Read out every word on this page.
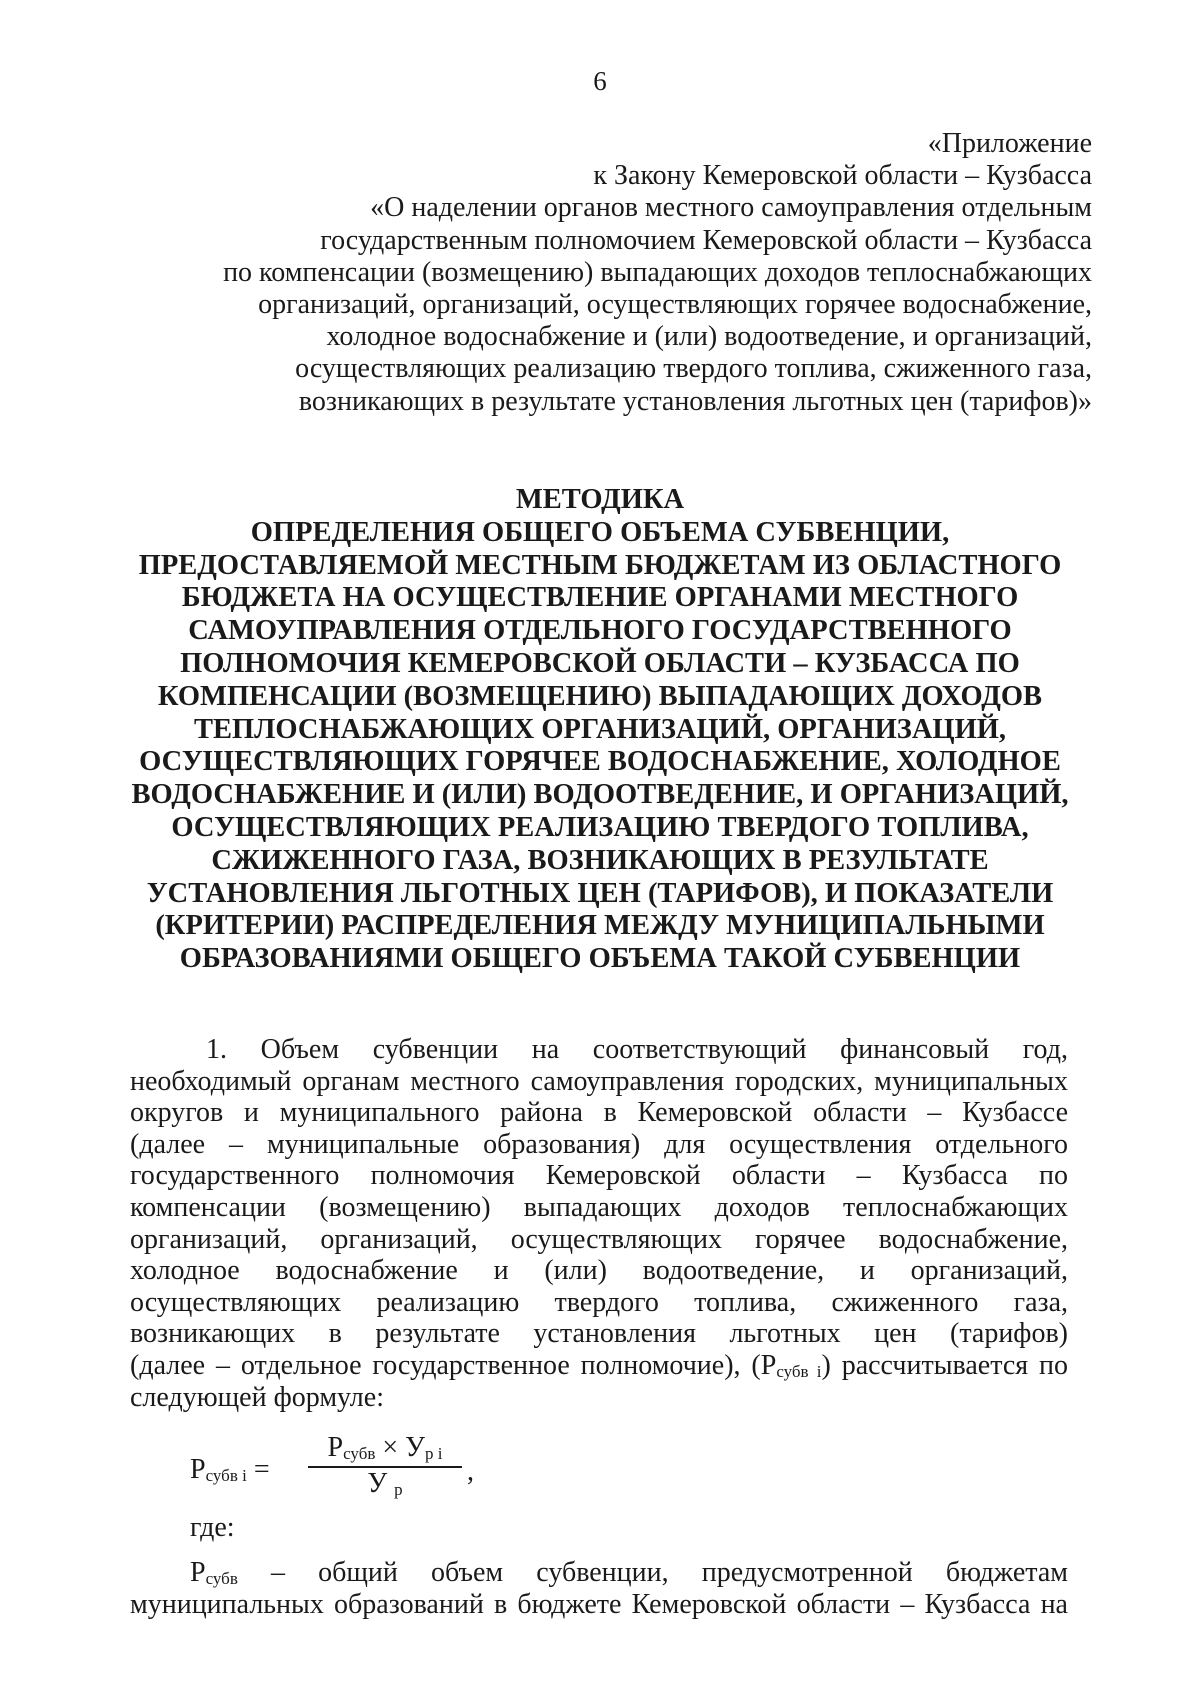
6
«Приложение
к Закону Кемеровской области – Кузбасса
«О наделении органов местного самоуправления отдельным
государственным полномочием Кемеровской области – Кузбасса
по компенсации (возмещению) выпадающих доходов теплоснабжающих
организаций, организаций, осуществляющих горячее водоснабжение,
холодное водоснабжение и (или) водоотведение, и организаций,
осуществляющих реализацию твердого топлива, сжиженного газа,
возникающих в результате установления льготных цен (тарифов)»
МЕТОДИКА
ОПРЕДЕЛЕНИЯ ОБЩЕГО ОБЪЕМА СУБВЕНЦИИ,
ПРЕДОСТАВЛЯЕМОЙ МЕСТНЫМ БЮДЖЕТАМ ИЗ ОБЛАСТНОГО
БЮДЖЕТА НА ОСУЩЕСТВЛЕНИЕ ОРГАНАМИ МЕСТНОГО
САМОУПРАВЛЕНИЯ ОТДЕЛЬНОГО ГОСУДАРСТВЕННОГО
ПОЛНОМОЧИЯ КЕМЕРОВСКОЙ ОБЛАСТИ – КУЗБАССА ПО
КОМПЕНСАЦИИ (ВОЗМЕЩЕНИЮ) ВЫПАДАЮЩИХ ДОХОДОВ
ТЕПЛОСНАБЖАЮЩИХ ОРГАНИЗАЦИЙ, ОРГАНИЗАЦИЙ,
ОСУЩЕСТВЛЯЮЩИХ ГОРЯЧЕЕ ВОДОСНАБЖЕНИЕ, ХОЛОДНОЕ
ВОДОСНАБЖЕНИЕ И (ИЛИ) ВОДООТВЕДЕНИЕ, И ОРГАНИЗАЦИЙ,
ОСУЩЕСТВЛЯЮЩИХ РЕАЛИЗАЦИЮ ТВЕРДОГО ТОПЛИВА,
СЖИЖЕННОГО ГАЗА, ВОЗНИКАЮЩИХ В РЕЗУЛЬТАТЕ
УСТАНОВЛЕНИЯ ЛЬГОТНЫХ ЦЕН (ТАРИФОВ), И ПОКАЗАТЕЛИ
(КРИТЕРИИ) РАСПРЕДЕЛЕНИЯ МЕЖДУ МУНИЦИПАЛЬНЫМИ
ОБРАЗОВАНИЯМИ ОБЩЕГО ОБЪЕМА ТАКОЙ СУБВЕНЦИИ
1. Объем субвенции на соответствующий финансовый год,
необходимый органам местного самоуправления городских, муниципальных
округов и муниципального района в Кемеровской области – Кузбассе
(далее – муниципальные образования) для осуществления отдельного
государственного полномочия Кемеровской области – Кузбасса по
компенсации (возмещению) выпадающих доходов теплоснабжающих
организаций, организаций, осуществляющих горячее водоснабжение,
холодное водоснабжение и (или) водоотведение, и организаций,
осуществляющих реализацию твердого топлива, сжиженного газа,
возникающих в результате установления льготных цен (тарифов)
(далее – отдельное государственное полномочие), $(Р_{субв i})$ рассчитывается по
следующей формуле:
$Р_{субв i}$ =
$Р_{субв} \times У_{р i}$
У $_р$
,
где:
$Р_{субв}$ – общий объем субвенции, предусмотренной бюджетам
муниципальных образований в бюджете Кемеровской области – Кузбасса на
